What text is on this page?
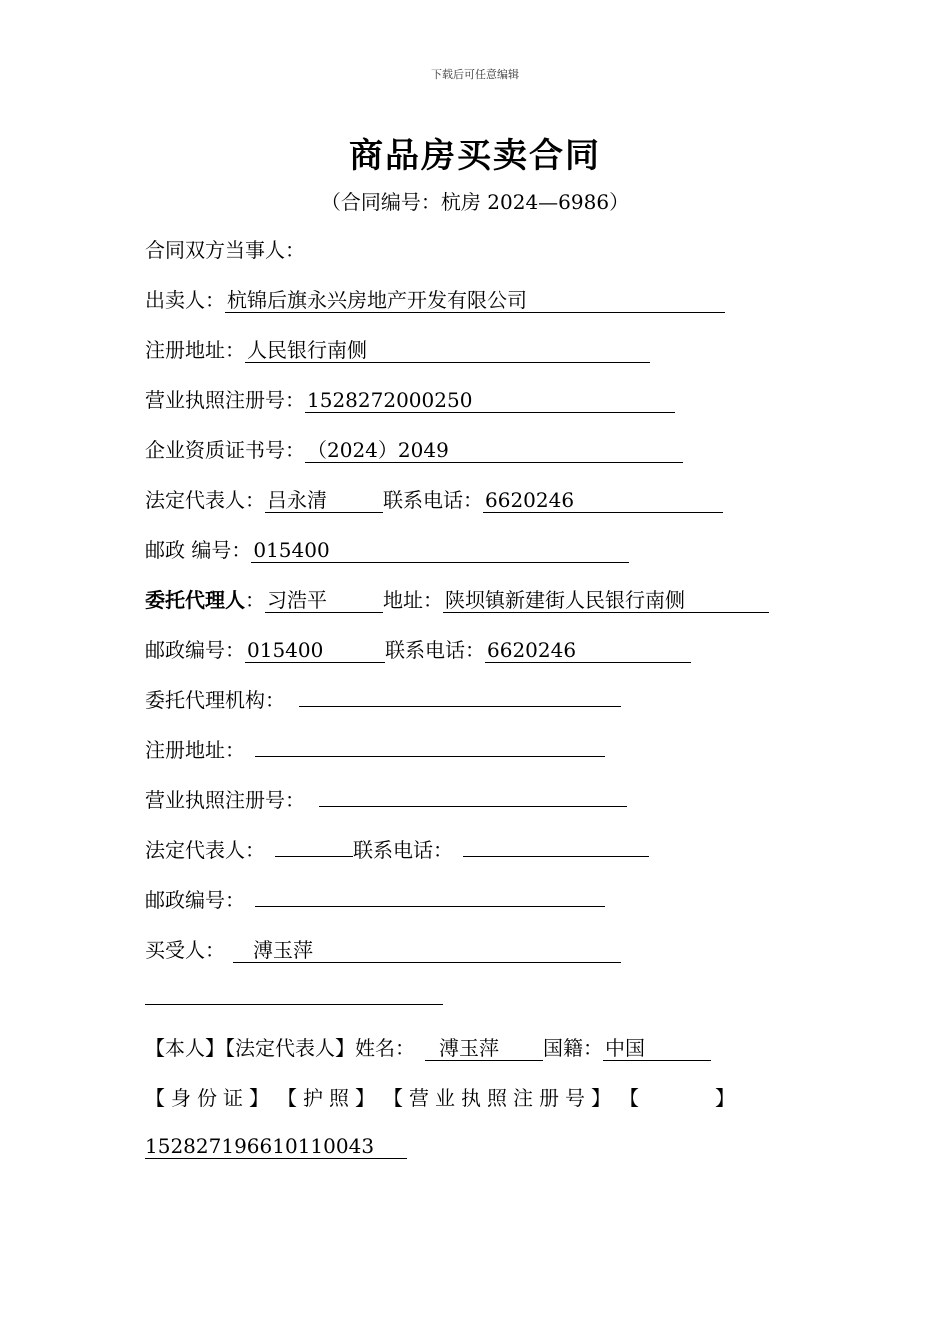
下载后可任意编辑
商品房买卖合同
（合同编号：杭房 2024—6986）
合同双方当事人：
出卖人： 杭锦后旗永兴房地产开发有限公司
注册地址： 人民银行南侧
营业执照注册号： 1528272000250
企业资质证书号： （2024）2049
法定代表人： 吕永清	联系电话： 6620246
邮政 编号： 015400
委托代理人： 习浩平	地址： 陕坝镇新建街人民银行南侧
邮政编号： 015400	联系电话： 6620246
委托代理机构：
注册地址：
营业执照注册号：
法定代表人：	联系电话：
邮政编号：
买受人： 溥玉萍
【本人】【法定代表人】姓名： 溥玉萍 国籍： 中国
【身份证】 【护照】 【营业执照注册号】 【	】
152827196610110043
